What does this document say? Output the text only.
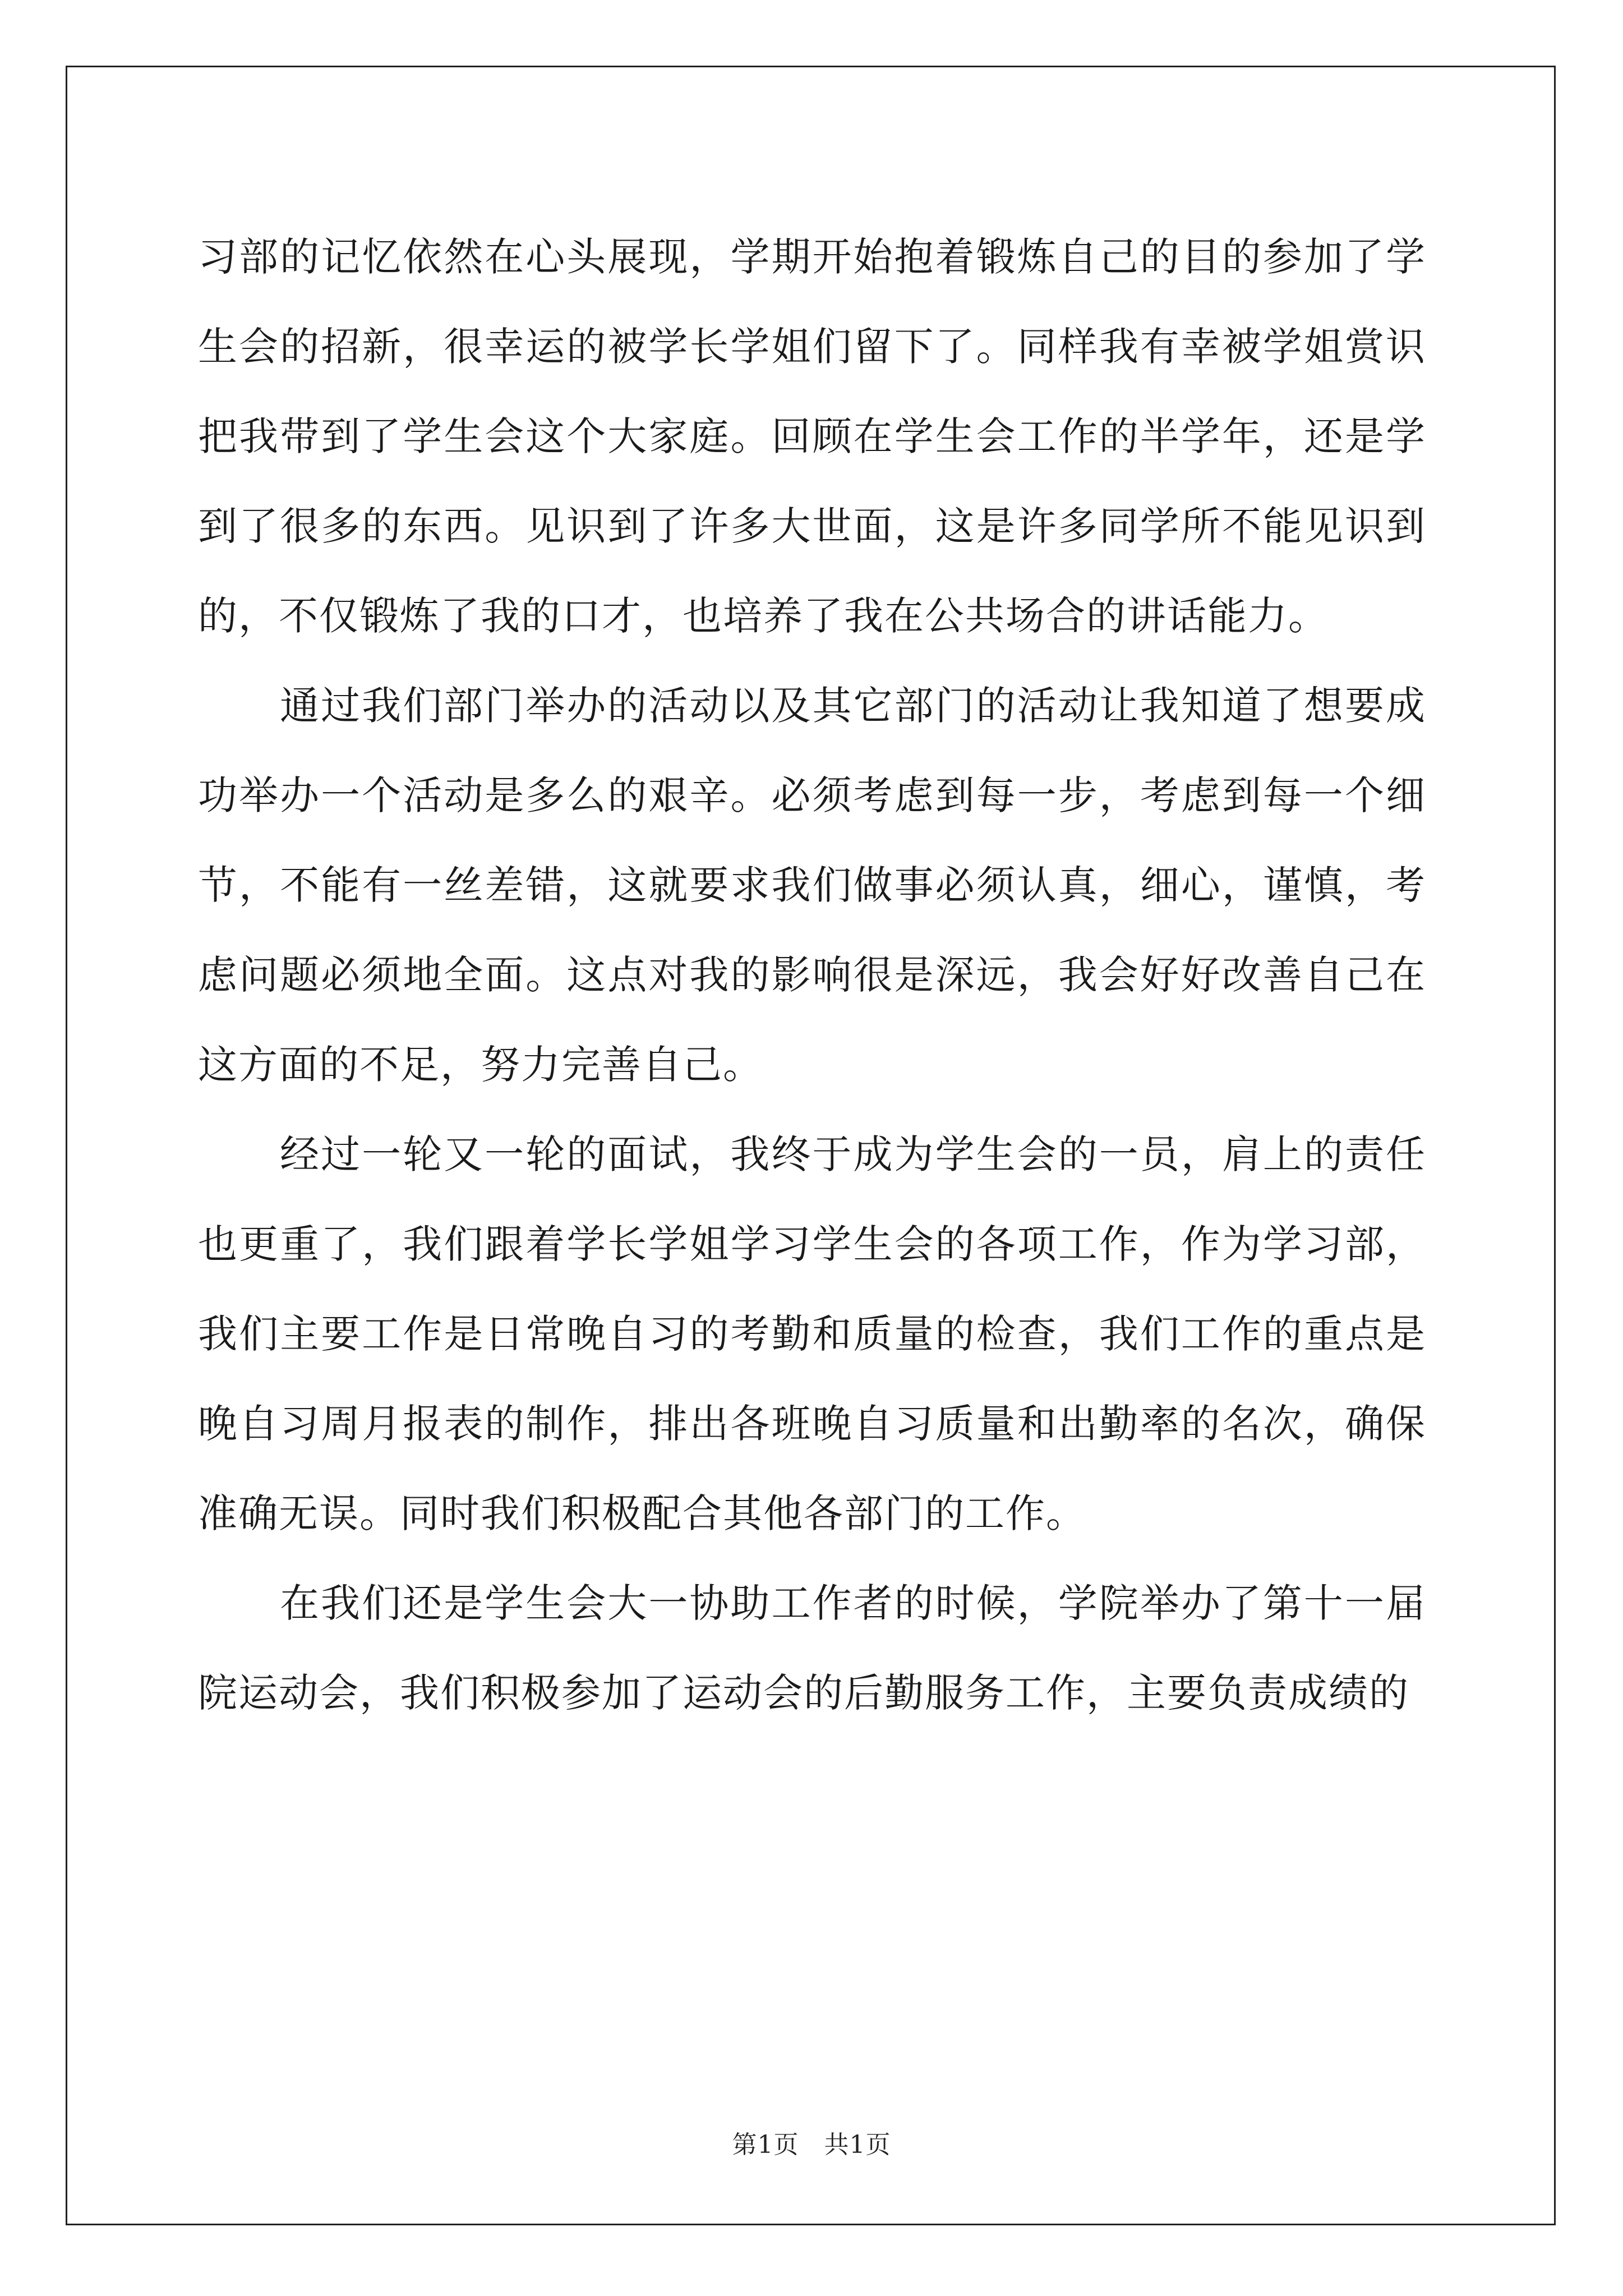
习部的记忆依然在心头展现，学期开始抱着锻炼自己的目的参加了学生会的招新，很幸运的被学长学姐们留下了。同样我有幸被学姐赏识把我带到了学生会这个大家庭。回顾在学生会工作的半学年，还是学到了很多的东西。见识到了许多大世面，这是许多同学所不能见识到的，不仅锻炼了我的口才，也培养了我在公共场合的讲话能力。

通过我们部门举办的活动以及其它部门的活动让我知道了想要成功举办一个活动是多么的艰辛。必须考虑到每一步，考虑到每一个细节，不能有一丝差错，这就要求我们做事必须认真，细心，谨慎，考虑问题必须地全面。这点对我的影响很是深远，我会好好改善自己在这方面的不足，努力完善自己。

经过一轮又一轮的面试，我终于成为学生会的一员，肩上的责任也更重了，我们跟着学长学姐学习学生会的各项工作，作为学习部，我们主要工作是日常晚自习的考勤和质量的检查，我们工作的重点是晚自习周月报表的制作，排出各班晚自习质量和出勤率的名次，确保准确无误。同时我们积极配合其他各部门的工作。

在我们还是学生会大一协助工作者的时候，学院举办了第十一届院运动会，我们积极参加了运动会的后勤服务工作，主要负责成绩的

第1页　共1页
